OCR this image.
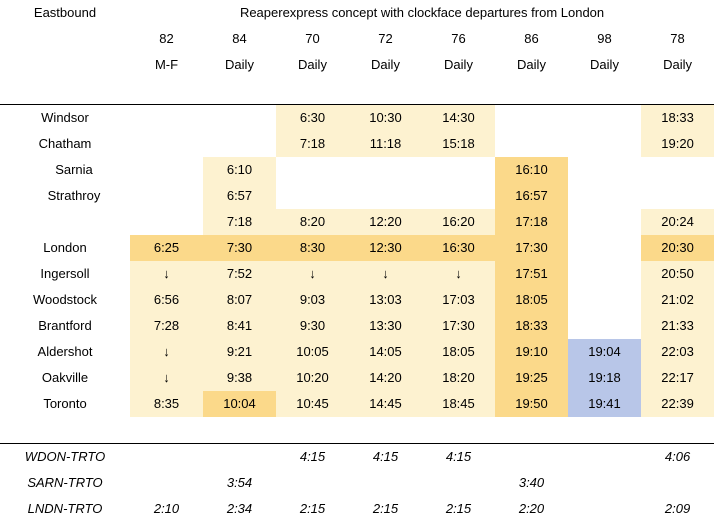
Eastbound	Reaperexpress concept with clockface departures from London							
	82	84	70	72	76	86	98	78
	M-F	Daily	Daily	Daily	Daily	Daily	Daily	Daily

Windsor			6:30	10:30	14:30			18:33
Chatham			7:18	11:18	15:18			19:20
Sarnia		6:10				16:10		
Strathroy		6:57				16:57		
		7:18	8:20	12:20	16:20	17:18		20:24
London	6:25	7:30	8:30	12:30	16:30	17:30		20:30
Ingersoll	↓	7:52	↓	↓	↓	17:51		20:50
Woodstock	6:56	8:07	9:03	13:03	17:03	18:05		21:02
Brantford	7:28	8:41	9:30	13:30	17:30	18:33		21:33
Aldershot	↓	9:21	10:05	14:05	18:05	19:10	19:04	22:03
Oakville	↓	9:38	10:20	14:20	18:20	19:25	19:18	22:17
Toronto	8:35	10:04	10:45	14:45	18:45	19:50	19:41	22:39

WDON-TRTO			4:15	4:15	4:15			4:06
SARN-TRTO		3:54				3:40		
LNDN-TRTO	2:10	2:34	2:15	2:15	2:15	2:20		2:09
